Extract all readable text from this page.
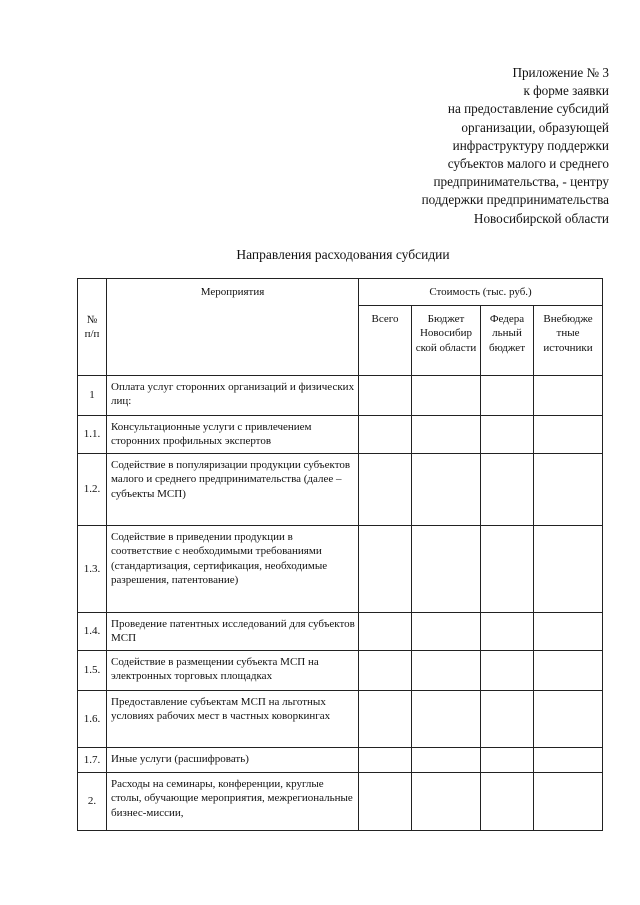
Приложение № 3
к форме заявки
на предоставление субсидий
организации, образующей
инфраструктуру поддержки
субъектов малого и среднего
предпринимательства, - центру
поддержки предпринимательства
Новосибирской области
Направления расходования субсидии
№ п/п	Мероприятия	Стоимость (тыс. руб.)			
		Всего	Бюджет Новосибир ской области	Федера льный бюджет	Внебюдже тные источники
1	Оплата услуг сторонних организаций и физических лиц:				
1.1.	Консультационные услуги с привлечением сторонних профильных экспертов				
1.2.	Содействие в популяризации продукции субъектов малого и среднего предпринимательства (далее – субъекты МСП)				
1.3.	Содействие в приведении продукции в соответствие с необходимыми требованиями (стандартизация, сертификация, необходимые разрешения, патентование)				
1.4.	Проведение патентных исследований для субъектов МСП				
1.5.	Содействие в размещении субъекта МСП на электронных торговых площадках				
1.6.	Предоставление субъектам МСП на льготных условиях рабочих мест в частных коворкингах				
1.7.	Иные услуги (расшифровать)				
2.	Расходы на семинары, конференции, круглые столы, обучающие мероприятия, межрегиональные бизнес-миссии,				
